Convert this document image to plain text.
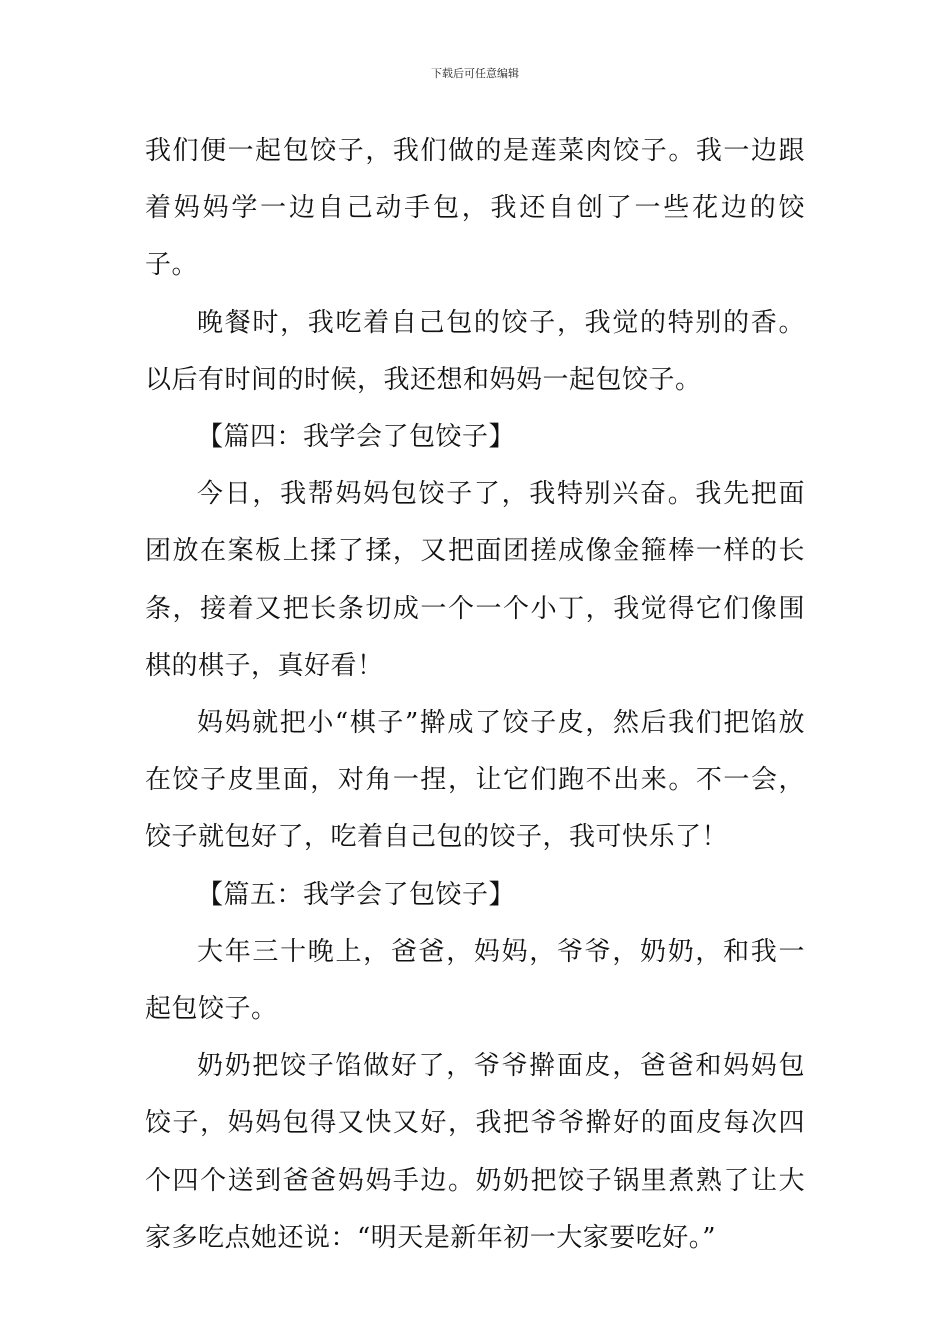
下载后可任意编辑

我们便一起包饺子，我们做的是莲菜肉饺子。我一边跟着妈妈学一边自己动手包，我还自创了一些花边的饺子。

晚餐时，我吃着自己包的饺子，我觉的特别的香。以后有时间的时候，我还想和妈妈一起包饺子。

【篇四：我学会了包饺子】

今日，我帮妈妈包饺子了，我特别兴奋。我先把面团放在案板上揉了揉，又把面团搓成像金箍棒一样的长条，接着又把长条切成一个一个小丁，我觉得它们像围棋的棋子，真好看！

妈妈就把小“棋子”擀成了饺子皮，然后我们把馅放在饺子皮里面，对角一捏，让它们跑不出来。不一会，饺子就包好了，吃着自己包的饺子，我可快乐了！

【篇五：我学会了包饺子】

大年三十晚上，爸爸，妈妈，爷爷，奶奶，和我一起包饺子。

奶奶把饺子馅做好了，爷爷擀面皮，爸爸和妈妈包饺子，妈妈包得又快又好，我把爷爷擀好的面皮每次四个四个送到爸爸妈妈手边。奶奶把饺子锅里煮熟了让大家多吃点她还说：“明天是新年初一大家要吃好。”
